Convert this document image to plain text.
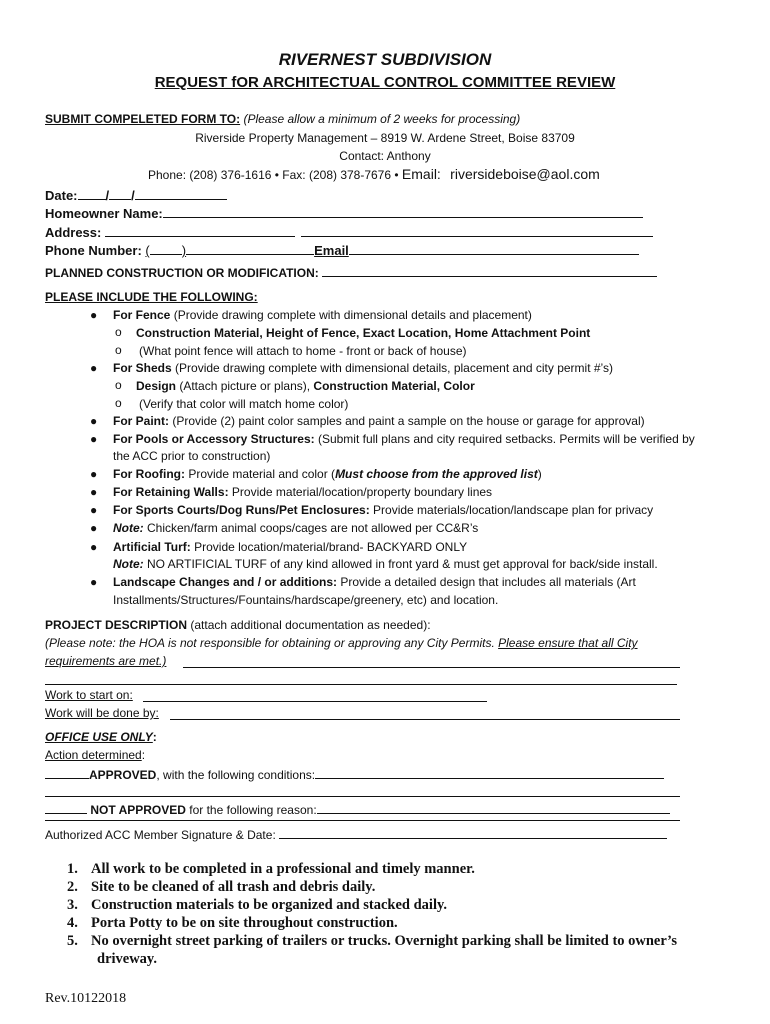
RIVERNEST SUBDIVISION
REQUEST fOR ARCHITECTUAL CONTROL COMMITTEE REVIEW
SUBMIT COMPELETED FORM TO: (Please allow a minimum of 2 weeks for processing)
Riverside Property Management – 8919 W. Ardene Street, Boise 83709
Contact: Anthony
Phone: (208) 376-1616 • Fax: (208) 378-7676 • Email: riversideboise@aol.com
Date: / /
Homeowner Name:
Address:
Phone Number: ( )	Email
PLANNED CONSTRUCTION OR MODIFICATION:
PLEASE INCLUDE THE FOLLOWING:
● For Fence (Provide drawing complete with dimensional details and placement)
o Construction Material, Height of Fence, Exact Location, Home Attachment Point
o (What point fence will attach to home - front or back of house)
● For Sheds (Provide drawing complete with dimensional details, placement and city permit #’s)
o Design (Attach picture or plans), Construction Material, Color
o (Verify that color will match home color)
● For Paint: (Provide (2) paint color samples and paint a sample on the house or garage for approval)
● For Pools or Accessory Structures: (Submit full plans and city required setbacks. Permits will be verified by
the ACC prior to construction)
● For Roofing: Provide material and color (Must choose from the approved list)
● For Retaining Walls: Provide material/location/property boundary lines
● For Sports Courts/Dog Runs/Pet Enclosures: Provide materials/location/landscape plan for privacy
● Note: Chicken/farm animal coops/cages are not allowed per CC&R’s
● Artificial Turf: Provide location/material/brand- BACKYARD ONLY
Note: NO ARTIFICIAL TURF of any kind allowed in front yard & must get approval for back/side install.
● Landscape Changes and / or additions: Provide a detailed design that includes all materials (Art
Installments/Structures/Fountains/hardscape/greenery, etc) and location.
PROJECT DESCRIPTION (attach additional documentation as needed):
(Please note: the HOA is not responsible for obtaining or approving any City Permits. Please ensure that all City
requirements are met.)
Work to start on:
Work will be done by:
OFFICE USE ONLY:
Action determined:
APPROVED, with the following conditions:
NOT APPROVED for the following reason:
Authorized ACC Member Signature & Date:
1. All work to be completed in a professional and timely manner.
2. Site to be cleaned of all trash and debris daily.
3. Construction materials to be organized and stacked daily.
4. Porta Potty to be on site throughout construction.
5. No overnight street parking of trailers or trucks. Overnight parking shall be limited to owner’s
driveway.
Rev.10122018
